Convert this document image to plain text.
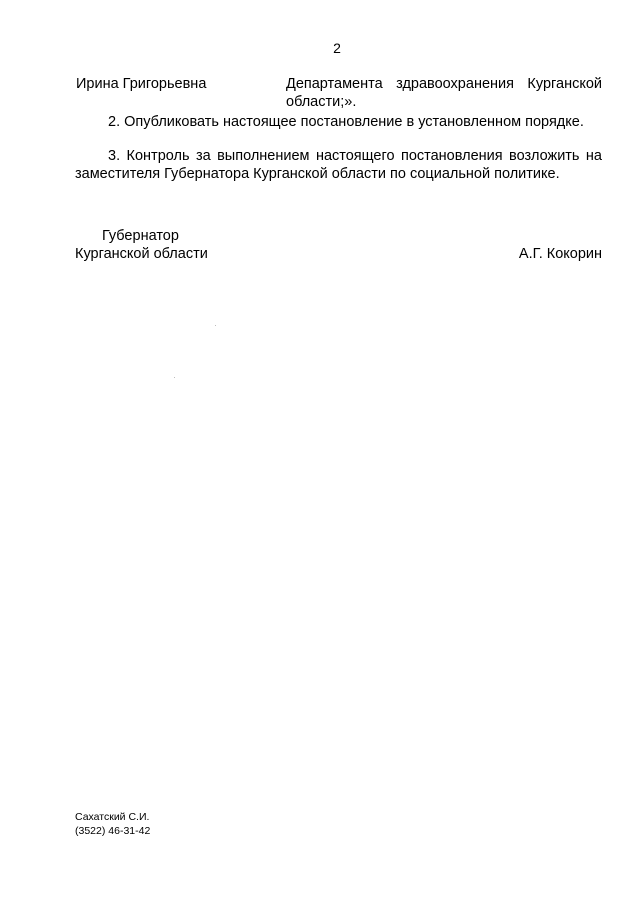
2
Ирина Григорьевна	Департамента здравоохранения Курганской области;».
2. Опубликовать настоящее постановление в установленном порядке.
3. Контроль за выполнением настоящего постановления возложить на заместителя Губернатора Курганской области по социальной политике.
Губернатор
Курганской области	А.Г. Кокорин
Сахатский С.И.
(3522) 46-31-42
